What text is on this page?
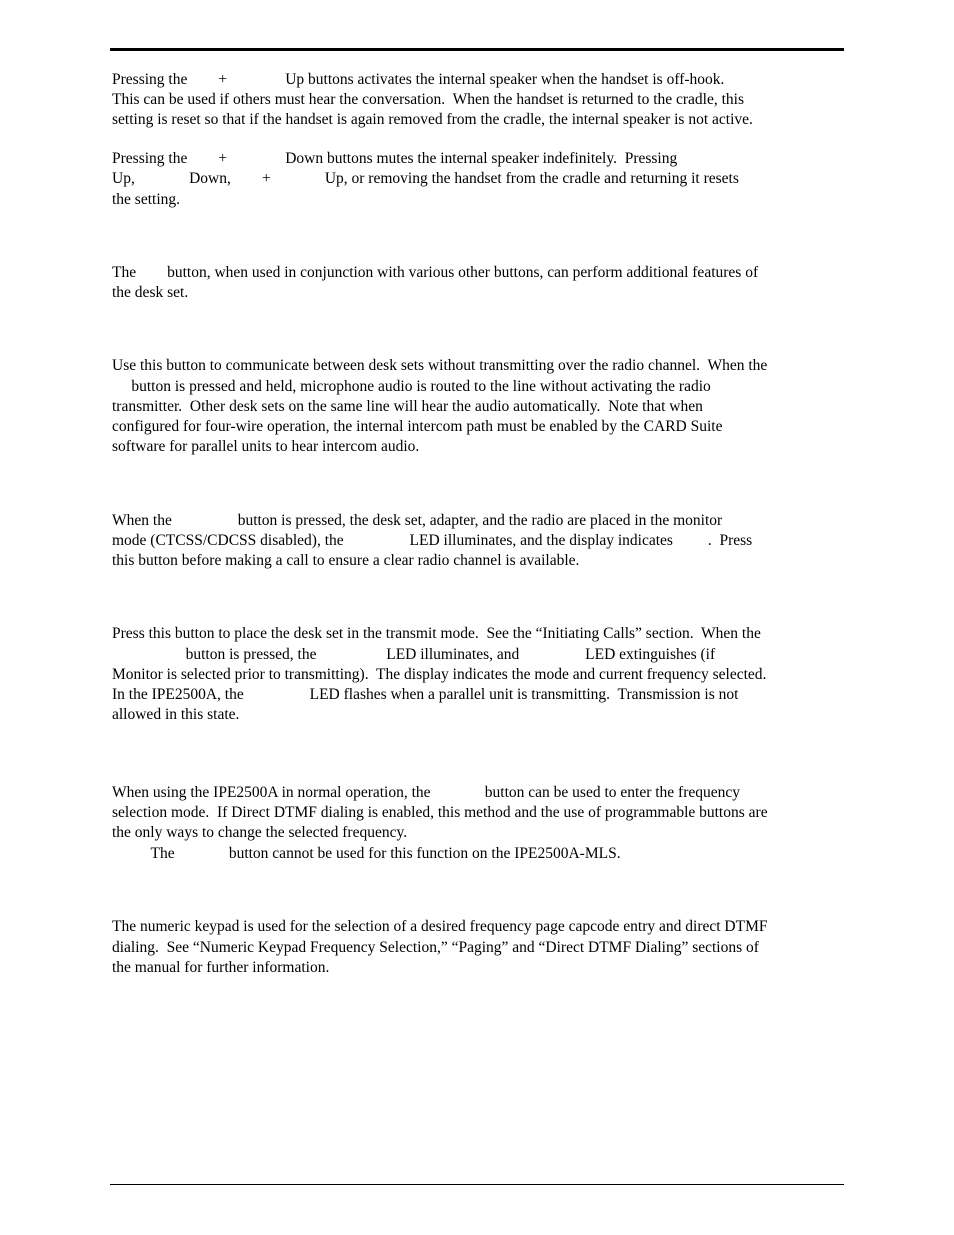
Pressing the        +               Up buttons activates the internal speaker when the handset is off-hook.
This can be used if others must hear the conversation.  When the handset is returned to the cradle, this
setting is reset so that if the handset is again removed from the cradle, the internal speaker is not active.
Pressing the        +               Down buttons mutes the internal speaker indefinitely.  Pressing
Up,              Down,        +              Up, or removing the handset from the cradle and returning it resets
the setting.
The        button, when used in conjunction with various other buttons, can perform additional features of
the desk set.
Use this button to communicate between desk sets without transmitting over the radio channel.  When the
button is pressed and held, microphone audio is routed to the line without activating the radio
transmitter.  Other desk sets on the same line will hear the audio automatically.  Note that when
configured for four-wire operation, the internal intercom path must be enabled by the CARD Suite
software for parallel units to hear intercom audio.
When the                 button is pressed, the desk set, adapter, and the radio are placed in the monitor
mode (CTCSS/CDCSS disabled), the                 LED illuminates, and the display indicates         .  Press
this button before making a call to ensure a clear radio channel is available.
Press this button to place the desk set in the transmit mode.  See the “Initiating Calls” section.  When the
button is pressed, the                  LED illuminates, and                 LED extinguishes (if
Monitor is selected prior to transmitting).  The display indicates the mode and current frequency selected.
In the IPE2500A, the                 LED flashes when a parallel unit is transmitting.  Transmission is not
allowed in this state.
When using the IPE2500A in normal operation, the              button can be used to enter the frequency
selection mode.  If Direct DTMF dialing is enabled, this method and the use of programmable buttons are
the only ways to change the selected frequency.
The              button cannot be used for this function on the IPE2500A-MLS.
The numeric keypad is used for the selection of a desired frequency page capcode entry and direct DTMF
dialing.  See “Numeric Keypad Frequency Selection,” “Paging” and “Direct DTMF Dialing” sections of
the manual for further information.
